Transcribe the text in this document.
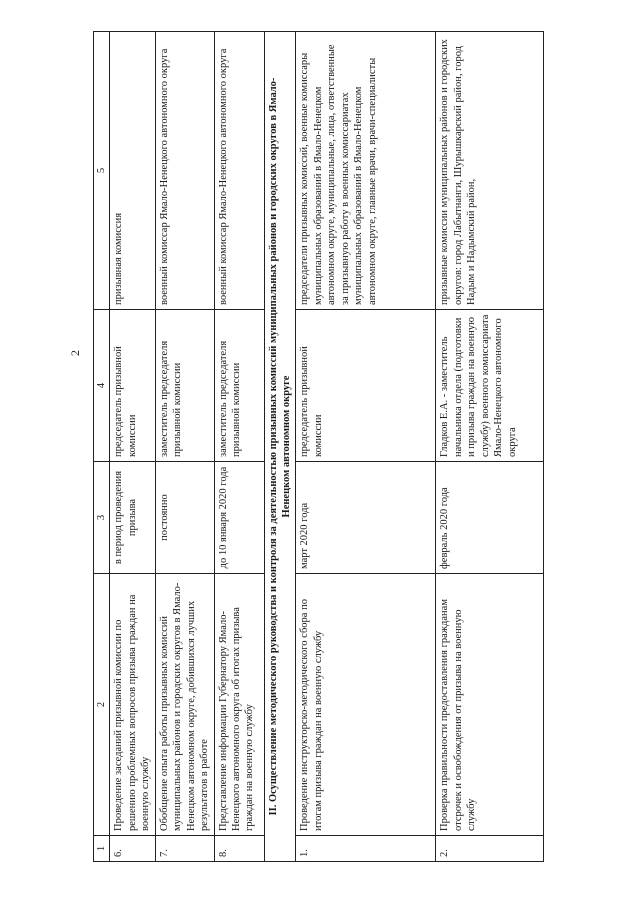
2
1	2	3	4	5
6.	Проведение заседаний призывной комиссии по решению проблемных вопросов призыва граждан на военную службу	в период проведения призыва	председатель призывной комиссии	призывная комиссия
7.	Обобщение опыта работы призывных комиссий муниципальных районов и городских округов в Ямало-Ненецком автономном округе, добившихся лучших результатов в работе	постоянно	заместитель председателя призывной комиссии	военный комиссар Ямало-Ненецкого автономного округа
8.	Представление информации Губернатору Ямало-Ненецкого автономного округа об итогах призыва граждан на военную службу	до 10 января 2020 года	заместитель председателя призывной комиссии	военный комиссар Ямало-Ненецкого автономного округа
II. Осуществление методического руководства и контроля за деятельностью призывных комиссий муниципальных районов и городских округов в Ямало-Ненецком автономном округе				
1.	Проведение инструкторско-методического сбора по итогам призыва граждан на военную службу	март 2020 года	председатель призывной комиссии	председатели призывных комиссий, военные комиссары муниципальных образований в Ямало-Ненецком автономном округе, муниципальные, лица, ответственные за призывную работу в военных комиссариатах муниципальных образований в Ямало-Ненецком автономном округе, главные врачи, врачи-специалисты
2.	Проверка правильности предоставления гражданам отсрочек и освобождения от призыва на военную службу	февраль 2020 года	Гладков Е.А. - заместитель начальника отдела (подготовки и призыва граждан на военную службу) военного комиссариата Ямало-Ненецкого автономного округа	призывные комиссии муниципальных районов и городских округов: город Лабытнанги, Шурышкарский район, город Надым и Надымский район,
